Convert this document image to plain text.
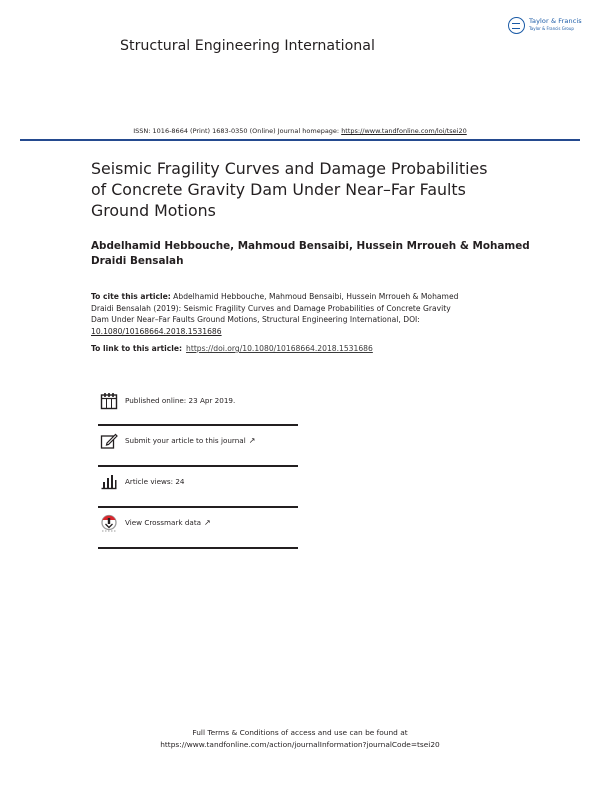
Taylor & Francis
Taylor & Francis Group
Structural Engineering International
ISSN: 1016-8664 (Print) 1683-0350 (Online) Journal homepage: https://www.tandfonline.com/loi/tsei20
Seismic Fragility Curves and Damage Probabilities
of Concrete Gravity Dam Under Near–Far Faults
Ground Motions
Abdelhamid Hebbouche, Mahmoud Bensaibi, Hussein Mrroueh & Mohamed
Draidi Bensalah
To cite this article: Abdelhamid Hebbouche, Mahmoud Bensaibi, Hussein Mrroueh & Mohamed
Draidi Bensalah (2019): Seismic Fragility Curves and Damage Probabilities of Concrete Gravity
Dam Under Near–Far Faults Ground Motions, Structural Engineering International, DOI:
10.1080/10168664.2018.1531686
To link to this article: https://doi.org/10.1080/10168664.2018.1531686
Published online: 23 Apr 2019.
Submit your article to this journal ↗
Article views: 24
View Crossmark data ↗
Full Terms & Conditions of access and use can be found at
https://www.tandfonline.com/action/journalInformation?journalCode=tsei20
